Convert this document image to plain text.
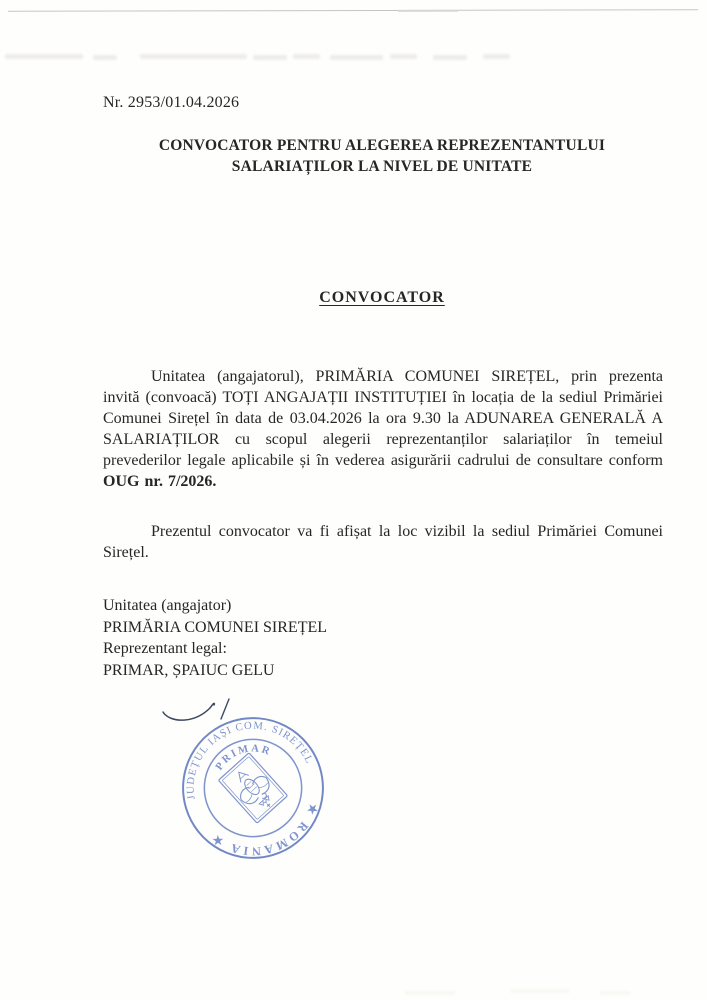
Nr. 2953/01.04.2026
CONVOCATOR PENTRU ALEGEREA REPREZENTANTULUI
SALARIAȚILOR LA NIVEL DE UNITATE
CONVOCATOR

Unitatea (angajatorul), PRIMĂRIA COMUNEI SIREȚEL, prin prezenta invită (convoacă) TOȚI ANGAJAȚII INSTITUȚIEI în locația de la sediul Primăriei Comunei Sirețel în data de 03.04.2026 la ora 9.30 la ADUNAREA GENERALĂ A SALARIAȚILOR cu scopul alegerii reprezentanților salariaților în temeiul prevederilor legale aplicabile și în vederea asigurării cadrului de consultare conform OUG nr. 7/2026.

Prezentul convocator va fi afișat la loc vizibil la sediul Primăriei Comunei Sirețel.

Unitatea (angajator)
PRIMĂRIA COMUNEI SIREȚEL
Reprezentant legal:
PRIMAR, ȘPAIUC GELU
★ ROMANIA ★
JUDEȚUL IAȘI COM. SIREȚEL
PRIMAR
